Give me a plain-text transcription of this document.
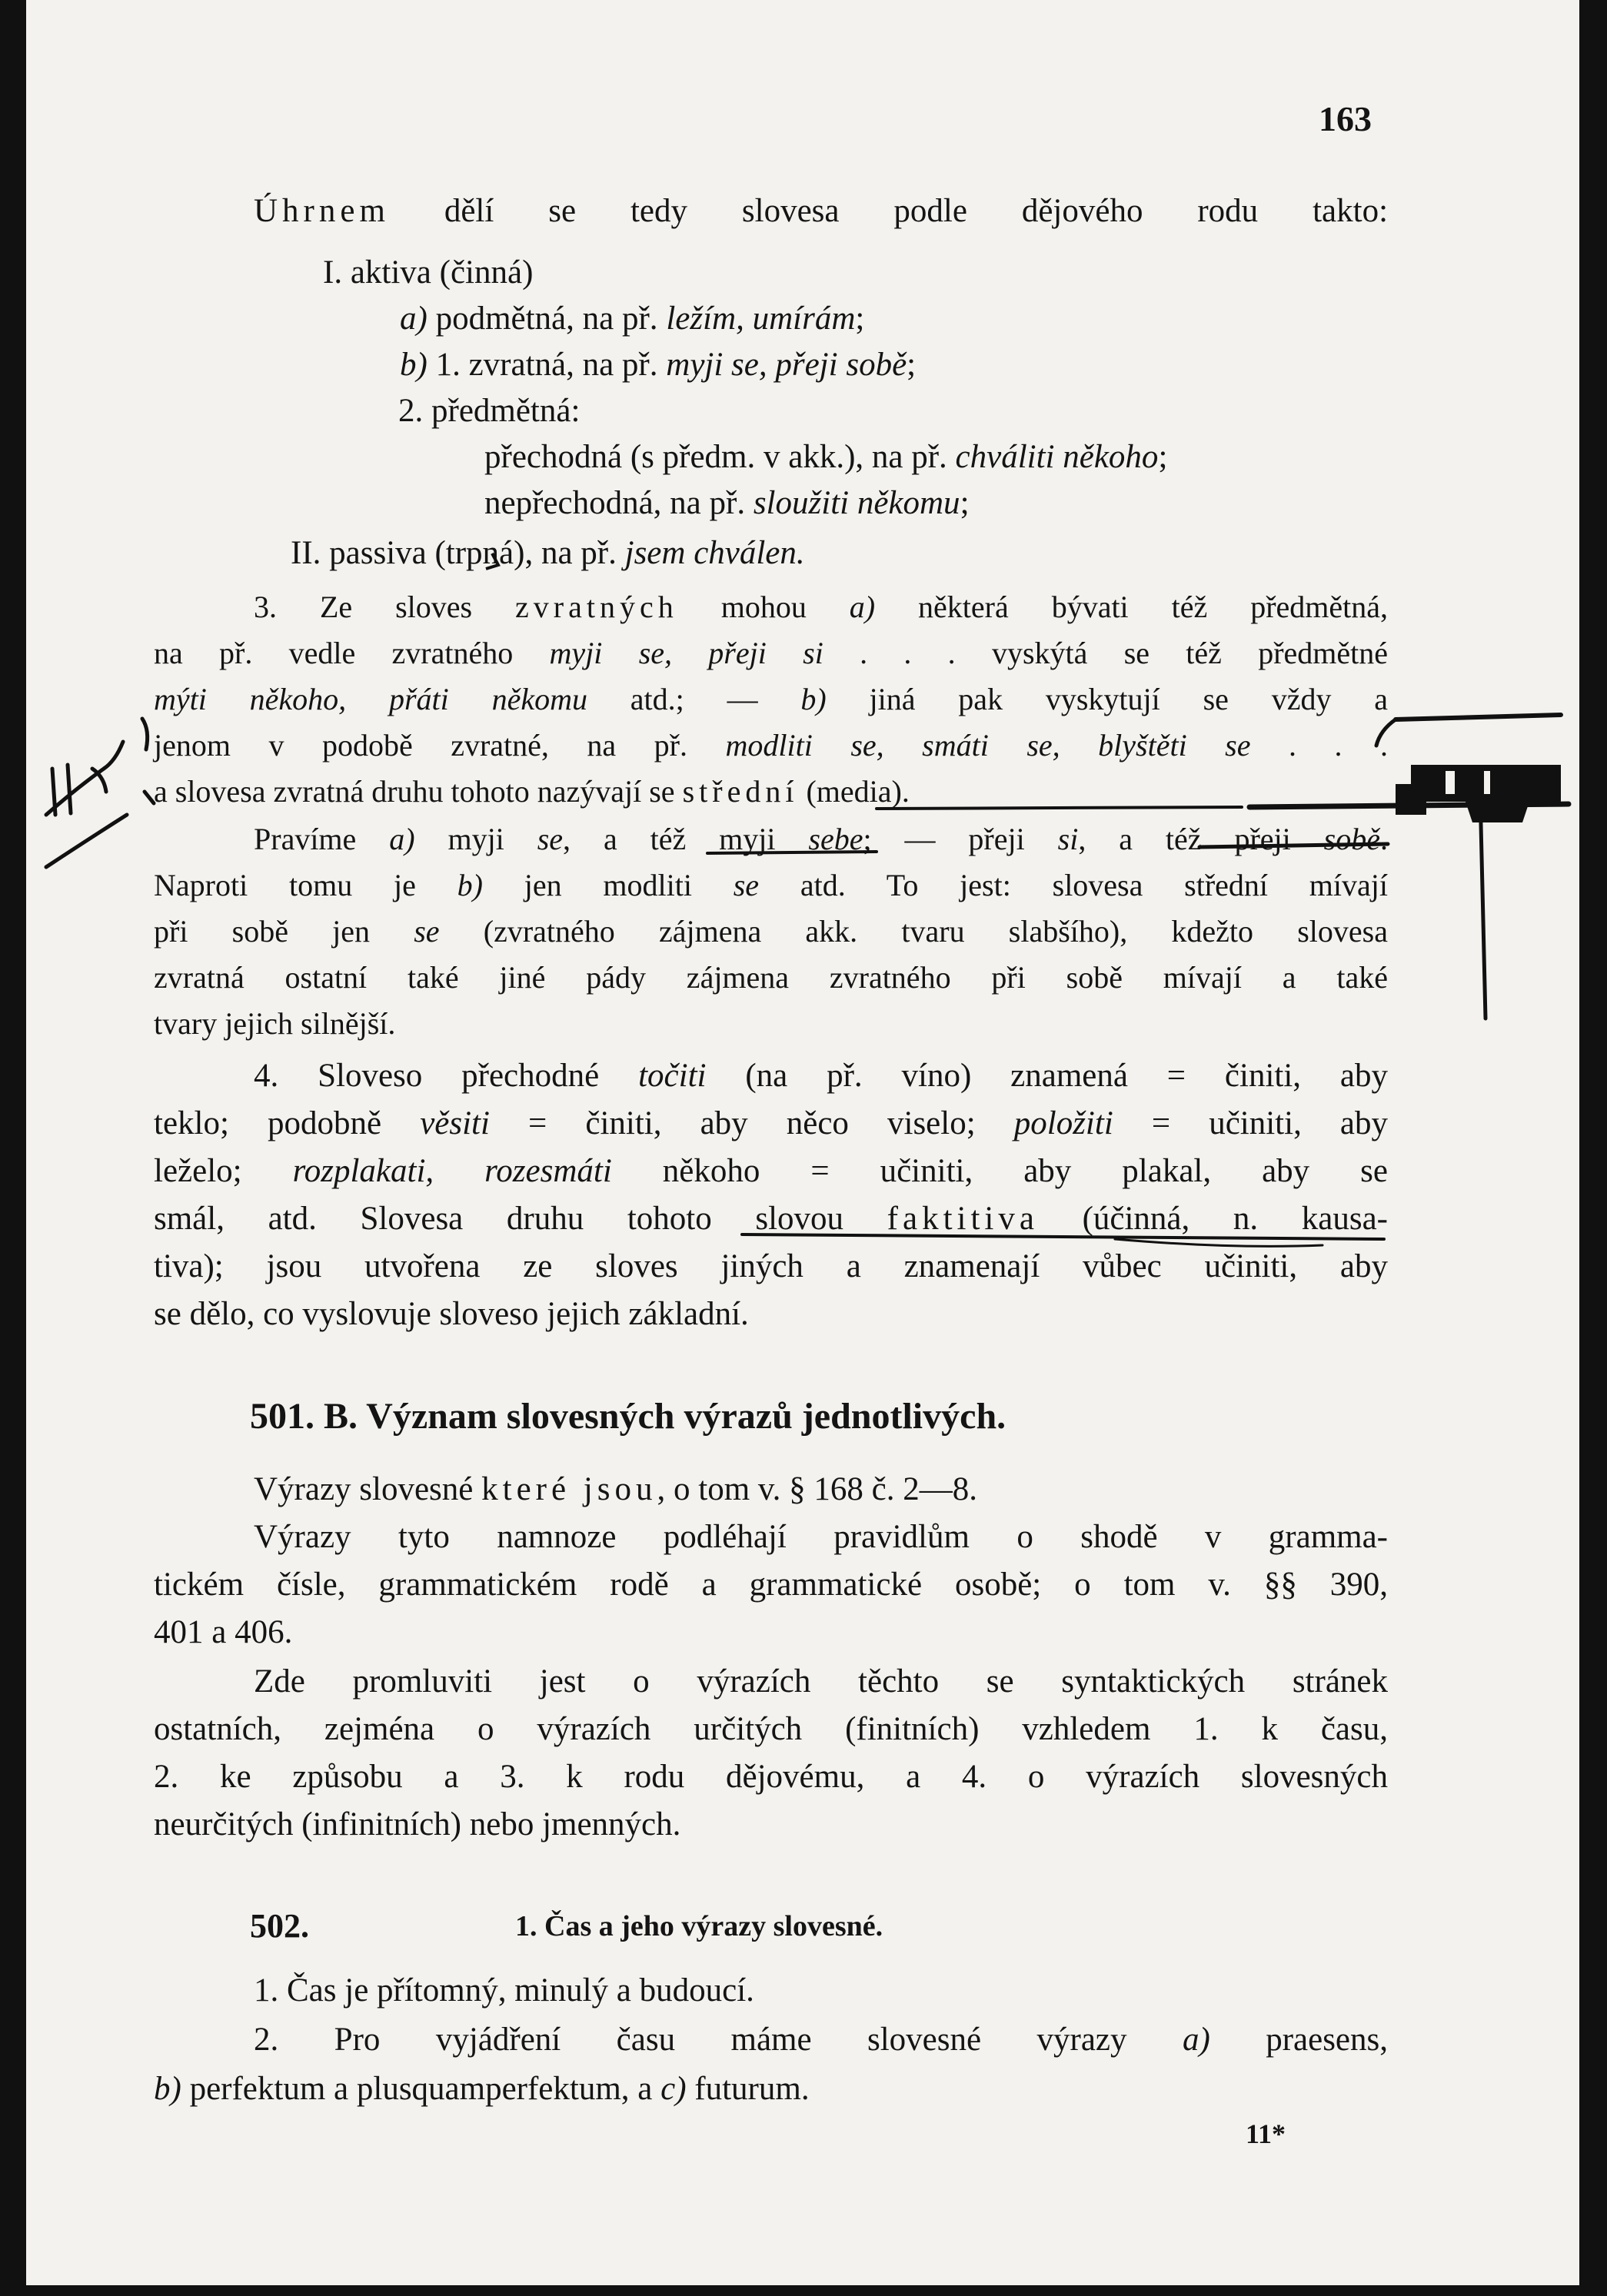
163
Úhrnem dělí se tedy slovesa podle dějového rodu takto:
I. aktiva (činná)
a) podmětná, na př. ležím, umírám;
b) 1. zvratná, na př. myji se, přeji sobě;
2. předmětná:
přechodná (s předm. v akk.), na př. chváliti někoho;
nepřechodná, na př. sloužiti někomu;
II. passiva (trpná), na př. jsem chválen.
3. Ze sloves zvratných mohou a) některá bývati též předmětná,
na př. vedle zvratného myji se, přeji si . . . vyskýtá se též předmětné
mýti někoho, přáti někomu atd.; — b) jiná pak vyskytují se vždy a
jenom v podobě zvratné, na př. modliti se, smáti se, blyštěti se . . .
a slovesa zvratná druhu tohoto nazývají se střední (media).
Pravíme a) myji se, a též myji sebe; — přeji si, a též přeji sobě.
Naproti tomu je b) jen modliti se atd. To jest: slovesa střední mívají
při sobě jen se (zvratného zájmena akk. tvaru slabšího), kdežto slovesa
zvratná ostatní také jiné pády zájmena zvratného při sobě mívají a také
tvary jejich silnější.
4. Sloveso přechodné točiti (na př. víno) znamená = činiti, aby
teklo; podobně věsiti = činiti, aby něco viselo; položiti = učiniti, aby
leželo; rozplakati, rozesmáti někoho = učiniti, aby plakal, aby se
smál, atd. Slovesa druhu tohoto slovou faktitiva (účinná, n. kausa-
tiva); jsou utvořena ze sloves jiných a znamenají vůbec učiniti, aby
se dělo, co vyslovuje sloveso jejich základní.
501. B. Význam slovesných výrazů jednotlivých.
Výrazy slovesné které jsou, o tom v. § 168 č. 2—8.
Výrazy tyto namnoze podléhají pravidlům o shodě v gramma-
tickém čísle, grammatickém rodě a grammatické osobě; o tom v. §§ 390,
401 a 406.
Zde promluviti jest o výrazích těchto se syntaktických stránek
ostatních, zejména o výrazích určitých (finitních) vzhledem 1. k času,
2. ke způsobu a 3. k rodu dějovému, a 4. o výrazích slovesných
neurčitých (infinitních) nebo jmenných.
502.	1. Čas a jeho výrazy slovesné.
1. Čas je přítomný, minulý a budoucí.
2. Pro vyjádření času máme slovesné výrazy a) praesens,
b) perfektum a plusquamperfektum, a c) futurum.
11*
